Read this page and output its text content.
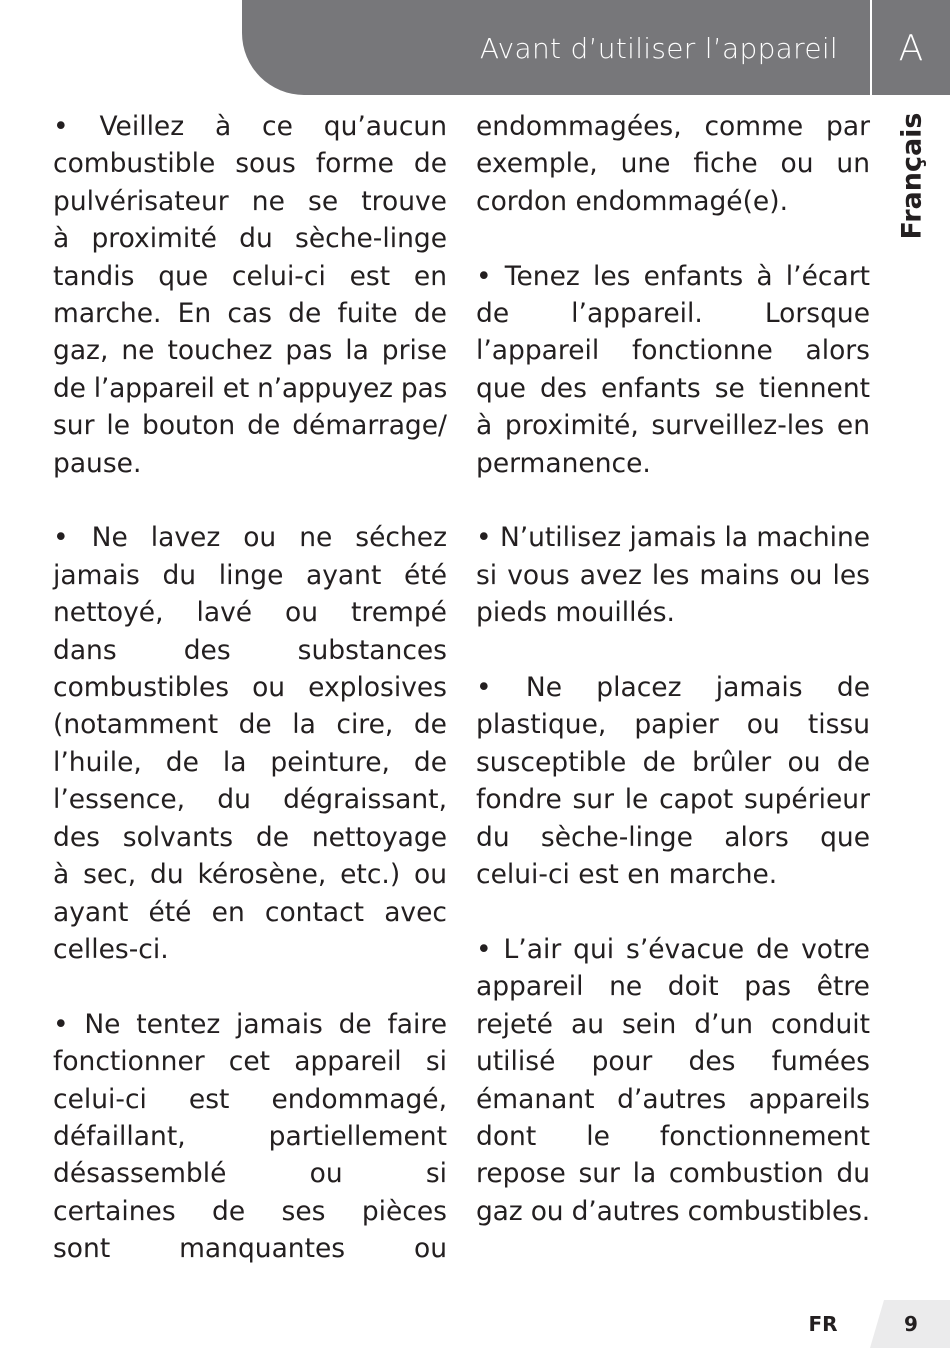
Avant d’utiliser l’appareil	A
Français
• Veillez à ce qu’aucun
combustible sous forme de
pulvérisateur ne se trouve
à proximité du sèche-linge
tandis que celui-ci est en
marche. En cas de fuite de
gaz, ne touchez pas la prise
de l’appareil et n’appuyez pas
sur le bouton de démarrage/
pause.
• Ne lavez ou ne séchez
jamais du linge ayant été
nettoyé, lavé ou trempé
dans des substances
combustibles ou explosives
(notamment de la cire, de
l’huile, de la peinture, de
l’essence, du dégraissant,
des solvants de nettoyage
à sec, du kérosène, etc.) ou
ayant été en contact avec
celles-ci.
• Ne tentez jamais de faire
fonctionner cet appareil si
celui-ci est endommagé,
défaillant, partiellement
désassemblé ou si
certaines de ses pièces
sont manquantes ou
endommagées, comme par
exemple, une fiche ou un
cordon endommagé(e).
• Tenez les enfants à l’écart
de l’appareil. Lorsque
l’appareil fonctionne alors
que des enfants se tiennent
à proximité, surveillez-les en
permanence.
• N’utilisez jamais la machine
si vous avez les mains ou les
pieds mouillés.
• Ne placez jamais de
plastique, papier ou tissu
susceptible de brûler ou de
fondre sur le capot supérieur
du sèche-linge alors que
celui-ci est en marche.
• L’air qui s’évacue de votre
appareil ne doit pas être
rejeté au sein d’un conduit
utilisé pour des fumées
émanant d’autres appareils
dont le fonctionnement
repose sur la combustion du
gaz ou d’autres combustibles.
FR	9
